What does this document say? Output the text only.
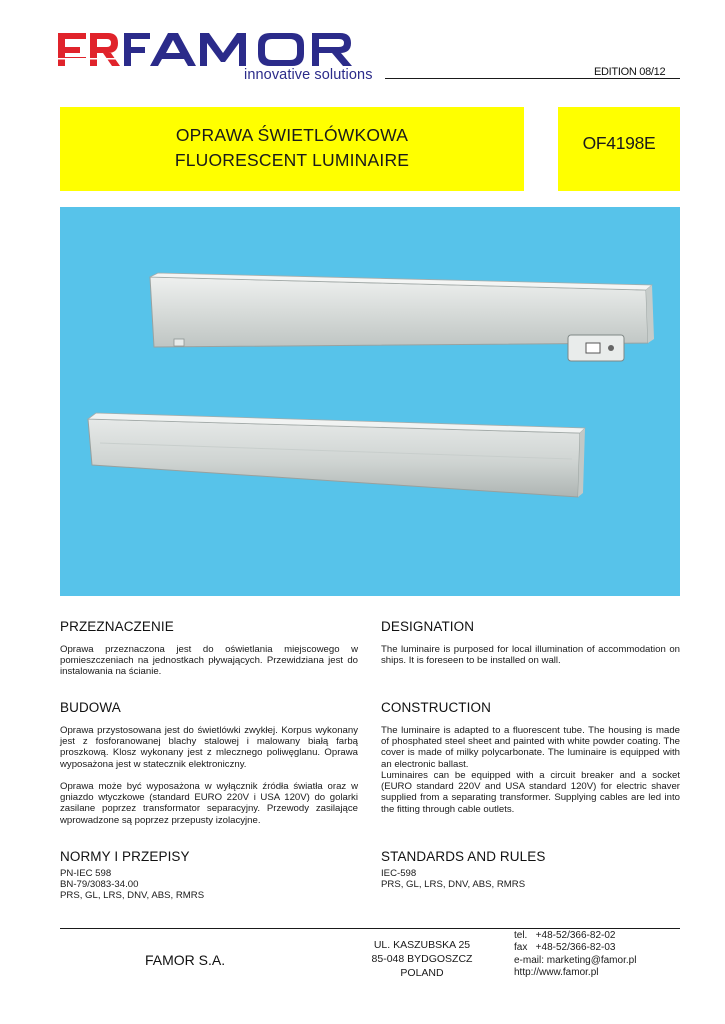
innovative solutions	EDITION 08/12
OPRAWA ŚWIETLÓWKOWA
FLUORESCENT LUMINAIRE
OF4198E
PRZEZNACZENIE
Oprawa przeznaczona jest do oświetlania miejscowego w pomieszczeniach na jednostkach pływających. Przewidziana jest do instalowania na ścianie.
BUDOWA
Oprawa przystosowana jest do świetlówki zwykłej. Korpus wykonany jest z fosforanowanej blachy stalowej i malowany białą farbą proszkową. Klosz wykonany jest z mlecznego poliwęglanu. Oprawa wyposażona jest w statecznik elektroniczny.
Oprawa może być wyposażona w wyłącznik źródła światła oraz w gniazdo wtyczkowe (standard EURO 220V i USA 120V) do golarki zasilane poprzez transformator separacyjny. Przewody zasilające wprowadzone są poprzez przepusty izolacyjne.
NORMY I PRZEPISY
PN-IEC 598
BN-79/3083-34.00
PRS, GL, LRS, DNV, ABS, RMRS
DESIGNATION
The luminaire is purposed for local illumination of accommodation on ships. It is foreseen to be installed on wall.
CONSTRUCTION
The luminaire is adapted to a fluorescent tube. The housing is made of phosphated steel sheet and painted with white powder coating. The cover is made of milky polycarbonate. The luminaire is equipped with an electronic ballast.
Luminaires can be equipped with a circuit breaker and a socket (EURO standard 220V and USA standard 120V) for electric shaver supplied from a separating transformer. Supplying cables are led into the fitting through cable outlets.
STANDARDS AND RULES
IEC-598
PRS, GL, LRS, DNV, ABS, RMRS
FAMOR S.A.
UL. KASZUBSKA 25
85-048 BYDGOSZCZ
POLAND
tel.   +48-52/366-82-02
fax   +48-52/366-82-03
e-mail: marketing@famor.pl
http://www.famor.pl
